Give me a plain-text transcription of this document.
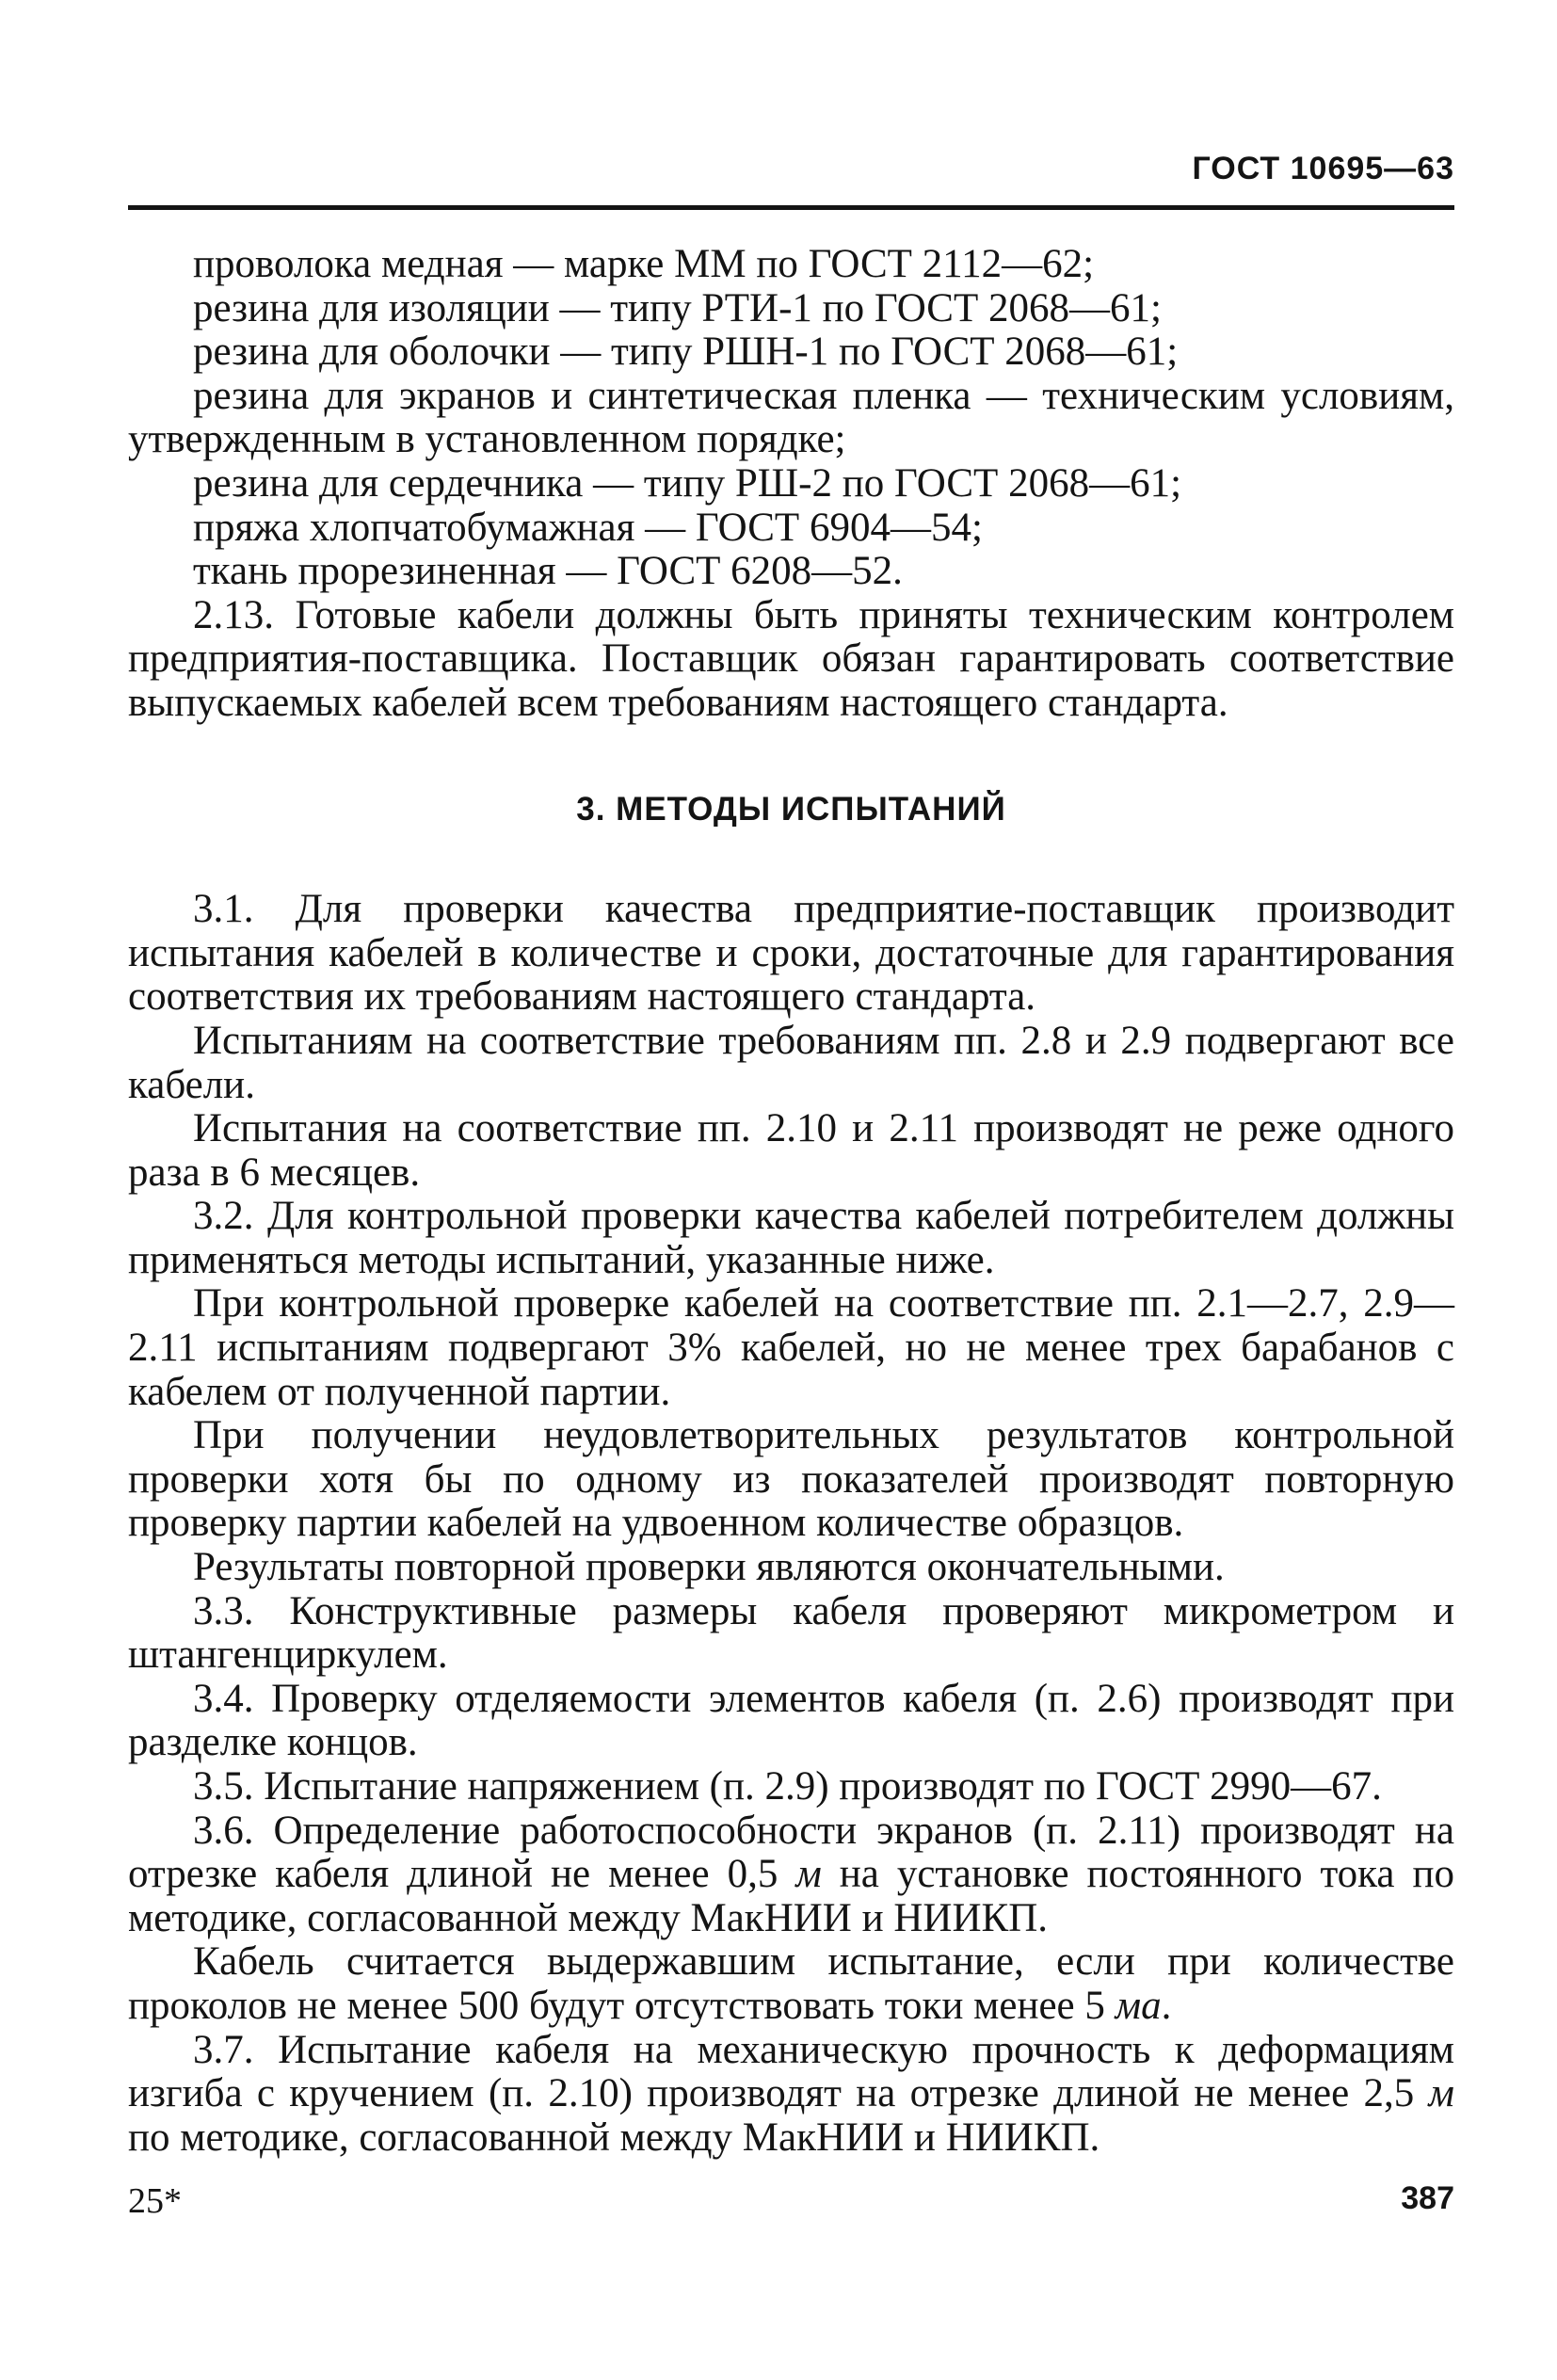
ГОСТ 10695—63

проволока медная — марке ММ по ГОСТ 2112—62;

резина для изоляции — типу РТИ-1 по ГОСТ 2068—61;

резина для оболочки — типу РШН-1 по ГОСТ 2068—61;

резина для экранов и синтетическая пленка — техническим условиям, утвержденным в установленном порядке;

резина для сердечника — типу РШ-2 по ГОСТ 2068—61;

пряжа хлопчатобумажная — ГОСТ 6904—54;

ткань прорезиненная — ГОСТ 6208—52.

2.13. Готовые кабели должны быть приняты техническим контролем предприятия-поставщика. Поставщик обязан гарантировать соответствие выпускаемых кабелей всем требованиям настоящего стандарта.

3. МЕТОДЫ ИСПЫТАНИЙ

3.1. Для проверки качества предприятие-поставщик производит испытания кабелей в количестве и сроки, достаточные для гарантирования соответствия их требованиям настоящего стандарта.

Испытаниям на соответствие требованиям пп. 2.8 и 2.9 подвергают все кабели.

Испытания на соответствие пп. 2.10 и 2.11 производят не реже одного раза в 6 месяцев.

3.2. Для контрольной проверки качества кабелей потребителем должны применяться методы испытаний, указанные ниже.

При контрольной проверке кабелей на соответствие пп. 2.1—2.7, 2.9—2.11 испытаниям подвергают 3% кабелей, но не менее трех барабанов с кабелем от полученной партии.

При получении неудовлетворительных результатов контрольной проверки хотя бы по одному из показателей производят повторную проверку партии кабелей на удвоенном количестве образцов.

Результаты повторной проверки являются окончательными.

3.3. Конструктивные размеры кабеля проверяют микрометром и штангенциркулем.

3.4. Проверку отделяемости элементов кабеля (п. 2.6) производят при разделке концов.

3.5. Испытание напряжением (п. 2.9) производят по ГОСТ 2990—67.

3.6. Определение работоспособности экранов (п. 2.11) производят на отрезке кабеля длиной не менее 0,5 м на установке постоянного тока по методике, согласованной между МакНИИ и НИИКП.

Кабель считается выдержавшим испытание, если при количестве проколов не менее 500 будут отсутствовать токи менее 5 ма.

3.7. Испытание кабеля на механическую прочность к деформациям изгиба с кручением (п. 2.10) производят на отрезке длиной не менее 2,5 м по методике, согласованной между МакНИИ и НИИКП.

25*	387
